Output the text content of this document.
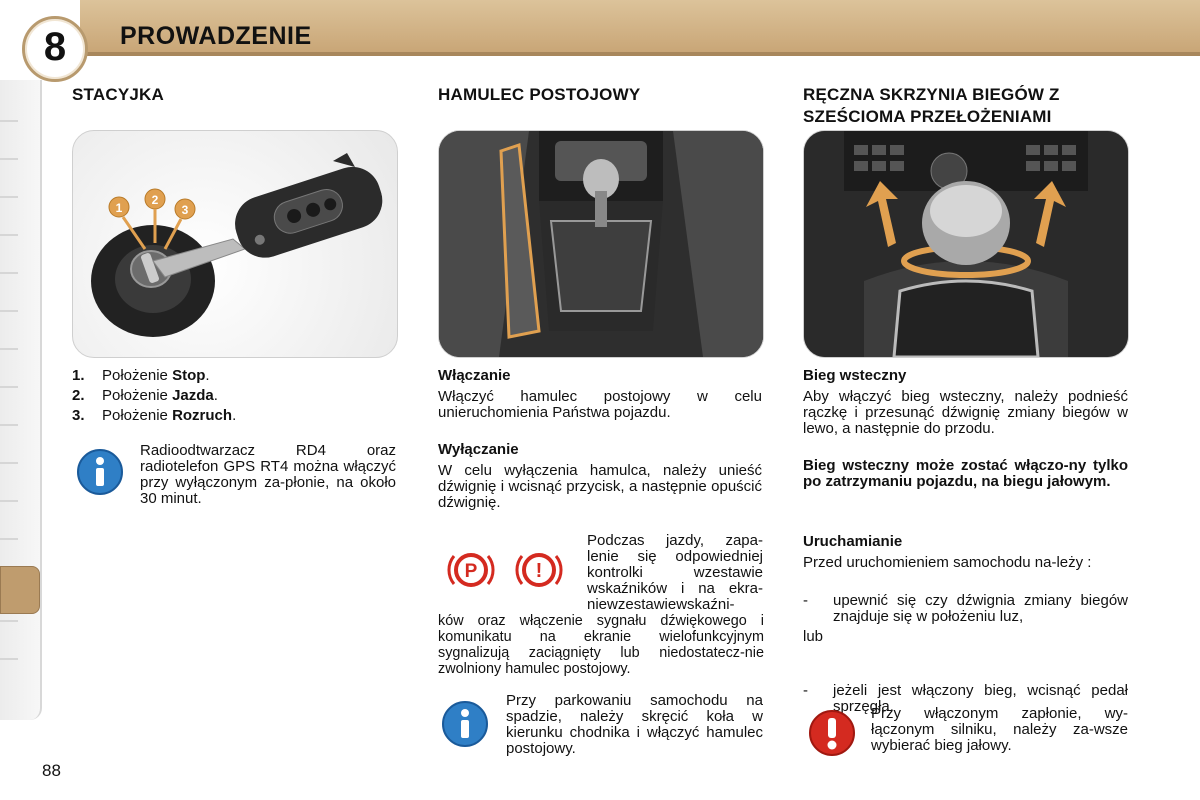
8	PROWADZENIE
88
STACYJKA
1
2
3
1. Położenie Stop.
2. Położenie Jazda.
3. Położenie Rozruch.
Radioodtwarzacz RD4 oraz radiotelefon GPS RT4 można włączyć przy wyłączonym za-płonie, na około 30 minut.
HAMULEC POSTOJOWY
Włączanie
Włączyć hamulec postojowy w celu unieruchomienia Państwa pojazdu.
Wyłączanie
W celu wyłączenia hamulca, należy unieść dźwignię i wcisnąć przycisk, a następnie opuścić dźwignię.
P	!
Podczas jazdy, zapa-
lenie się odpowiedniej
kontrolki wzestawie
wskaźników i na ekra-
niewzestawiewskaźni-
ków oraz włączenie sygnału dźwiękowego i komunikatu na ekranie wielofunkcyjnym sygnalizują zaciągnięty lub niedostatecz-nie zwolniony hamulec postojowy.
Przy parkowaniu samochodu na spadzie, należy skręcić koła w kierunku chodnika i włączyć hamulec postojowy.
RĘCZNA SKRZYNIA BIEGÓW Z
SZEŚCIOMA PRZEŁOŻENIAMI
Bieg wsteczny
Aby włączyć bieg wsteczny, należy podnieść rączkę i przesunąć dźwignię zmiany biegów w lewo, a następnie do przodu.
Bieg wsteczny może zostać włączo-ny tylko po zatrzymaniu pojazdu, na biegu jałowym.
Uruchamianie
Przed uruchomieniem samochodu na-leży :
- upewnić się czy dźwignia zmiany biegów znajduje się w położeniu luz,
lub
- jeżeli jest włączony bieg, wcisnąć pedał sprzęgła.
Przy włączonym zapłonie, wy-łączonym silniku, należy za-wsze wybierać bieg jałowy.
